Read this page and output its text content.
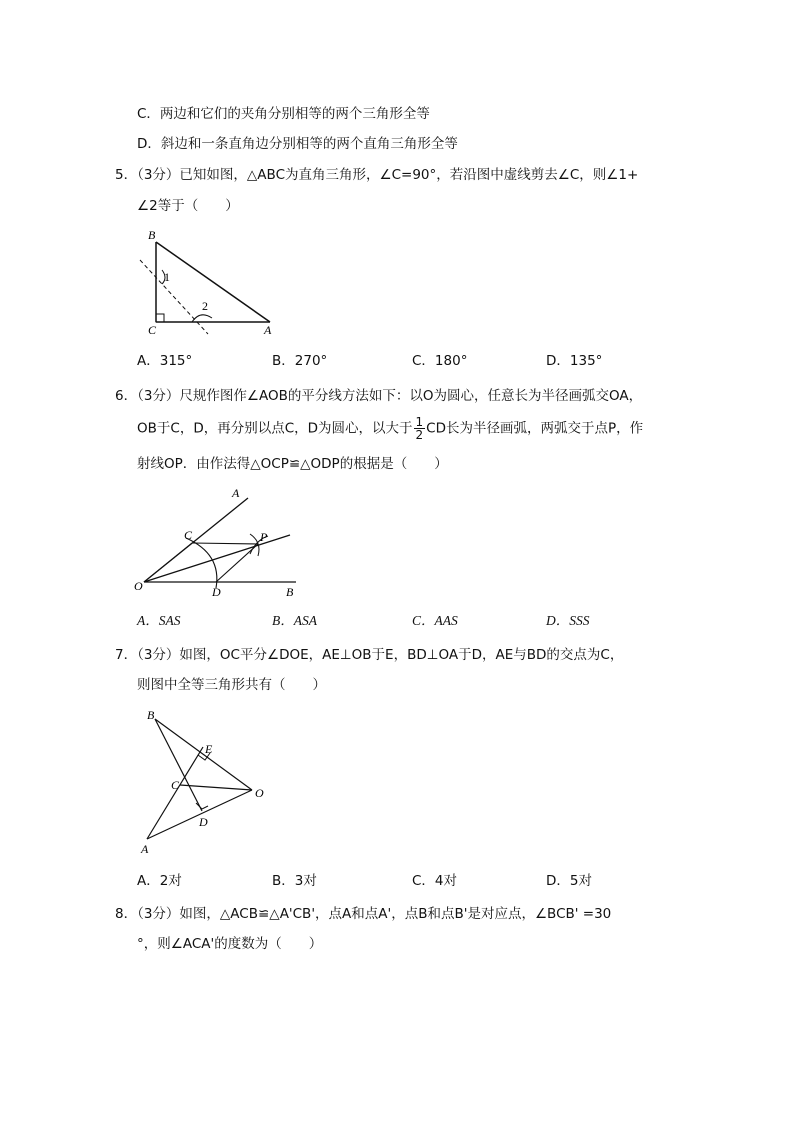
C．两边和它们的夹角分别相等的两个三角形全等
D．斜边和一条直角边分别相等的两个直角三角形全等
5．（3分）已知如图，△ABC为直角三角形，∠C=90°，若沿图中虚线剪去∠C，则∠1+
∠2等于（　　）
B
C	A
1
2
A．315°	B．270°	C．180°	D．135°
6．（3分）尺规作图作∠AOB的平分线方法如下：以O为圆心，任意长为半径画弧交OA，
OB于C，D，再分别以点C，D为圆心，以大于 $\frac{1}{2}$ CD长为半径画弧，两弧交于点P，作
射线OP．由作法得△OCP≌△ODP的根据是（　　）
A
C	P
O	D	B
A．SAS	B．ASA	C．AAS	D．SSS
7．（3分）如图，OC平分∠DOE，AE⊥OB于E，BD⊥OA于D，AE与BD的交点为C，
则图中全等三角形共有（　　）
B
E
C
O
D
A
A．2对	B．3对	C．4对	D．5对
8．（3分）如图，△ACB≌△A'CB'，点A和点A'，点B和点B'是对应点，∠BCB' =30
°，则∠ACA'的度数为（　　）
